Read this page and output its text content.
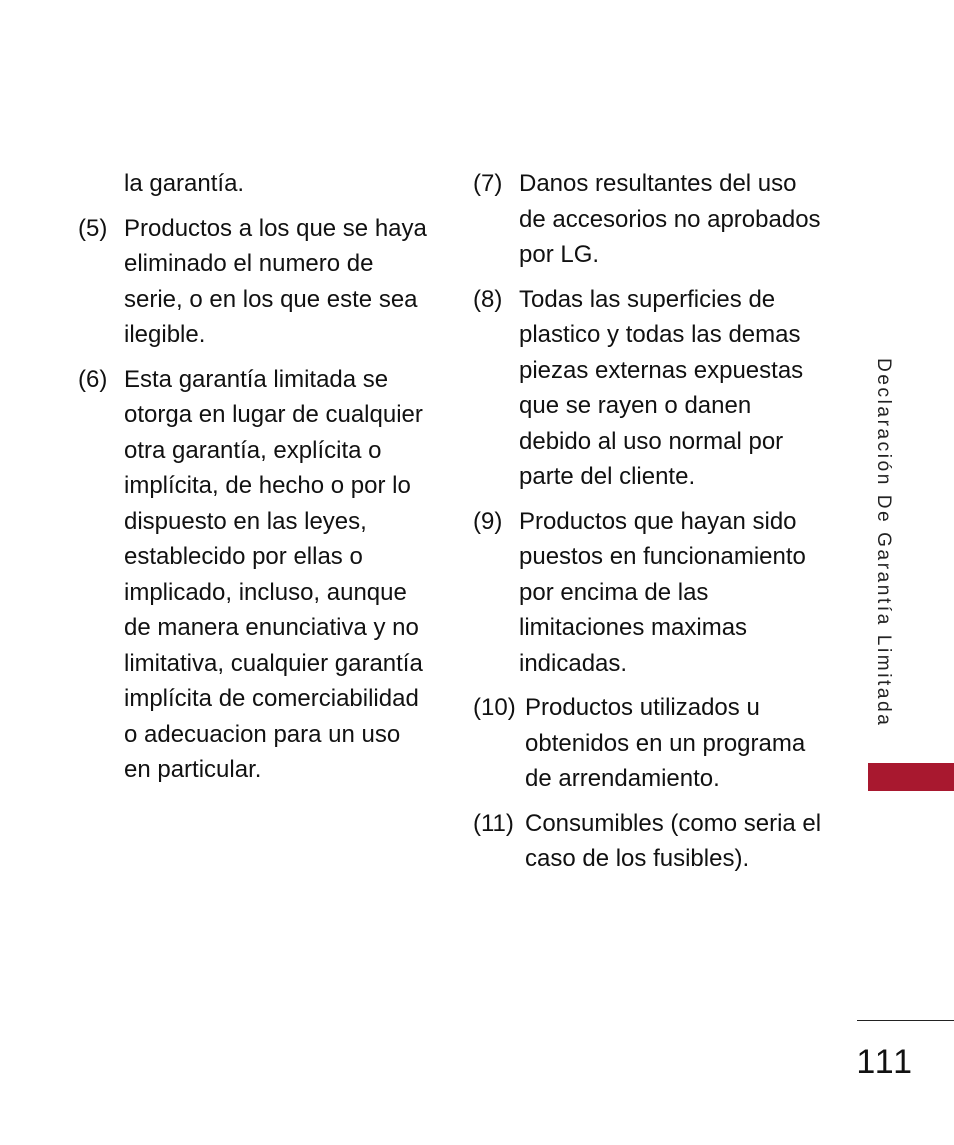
la garantía.
(5) Productos a los que se haya eliminado el numero de serie, o en los que este sea ilegible.
(6) Esta garantía limitada se otorga en lugar de cualquier otra garantía, explícita o implícita, de hecho o por lo dispuesto en las leyes, establecido por ellas o implicado, incluso, aunque de manera enunciativa y no limitativa, cualquier garantía implícita de comerciabilidad o adecuacion para un uso en particular.
(7) Danos resultantes del uso de accesorios no aprobados por LG.
(8) Todas las superficies de plastico y todas las demas piezas externas expuestas que se rayen o danen debido al uso normal por parte del cliente.
(9) Productos que hayan sido puestos en funcionamiento por encima de las limitaciones maximas indicadas.
(10) Productos utilizados u obtenidos en un programa de arrendamiento.
(11) Consumibles (como seria el caso de los fusibles).
Declaración De Garantía Limitada
111
